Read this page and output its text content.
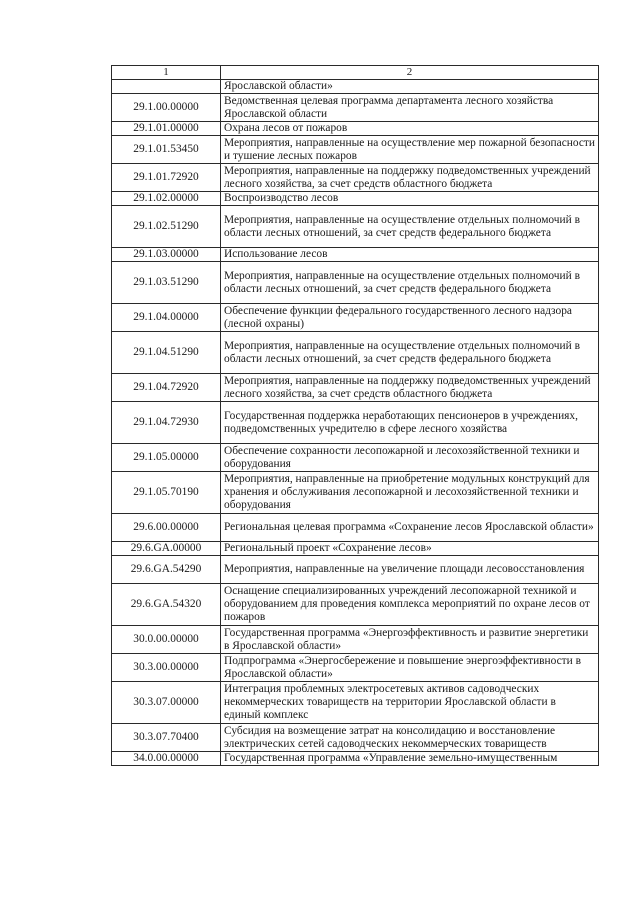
1	2
	Ярославской области»
29.1.00.00000	Ведомственная целевая программа департамента лесного хозяйства Ярославской области
29.1.01.00000	Охрана лесов от пожаров
29.1.01.53450	Мероприятия, направленные на осуществление мер пожарной безопасности и тушение лесных пожаров
29.1.01.72920	Мероприятия, направленные на поддержку подведомственных учреждений лесного хозяйства, за счет средств областного бюджета
29.1.02.00000	Воспроизводство лесов
29.1.02.51290	Мероприятия, направленные на осуществление отдельных полномочий в области лесных отношений, за счет средств федерального бюджета
29.1.03.00000	Использование лесов
29.1.03.51290	Мероприятия, направленные на осуществление отдельных полномочий в области лесных отношений, за счет средств федерального бюджета
29.1.04.00000	Обеспечение функции федерального государственного лесного надзора (лесной охраны)
29.1.04.51290	Мероприятия, направленные на осуществление отдельных полномочий в области лесных отношений, за счет средств федерального бюджета
29.1.04.72920	Мероприятия, направленные на поддержку подведомственных учреждений лесного хозяйства, за счет средств областного бюджета
29.1.04.72930	Государственная поддержка неработающих пенсионеров в учреждениях, подведомственных учредителю в сфере лесного хозяйства
29.1.05.00000	Обеспечение сохранности лесопожарной и лесохозяйственной техники и оборудования
29.1.05.70190	Мероприятия, направленные на приобретение модульных конструкций для хранения и обслуживания лесопожарной и лесохозяйственной техники и оборудования
29.6.00.00000	Региональная целевая программа «Сохранение лесов Ярославской области»
29.6.GA.00000	Региональный проект «Сохранение лесов»
29.6.GA.54290	Мероприятия, направленные на увеличение площади лесовосстановления
29.6.GA.54320	Оснащение специализированных учреждений лесопожарной техникой и оборудованием для проведения комплекса мероприятий по охране лесов от пожаров
30.0.00.00000	Государственная программа «Энергоэффективность и развитие энергетики в Ярославской области»
30.3.00.00000	Подпрограмма «Энергосбережение и повышение энергоэффективности в Ярославской области»
30.3.07.00000	Интеграция проблемных электросетевых активов садоводческих некоммерческих товариществ на территории Ярославской области в единый комплекс
30.3.07.70400	Субсидия на возмещение затрат на консолидацию и восстановление электрических сетей садоводческих некоммерческих товариществ
34.0.00.00000	Государственная программа «Управление земельно-имущественным
